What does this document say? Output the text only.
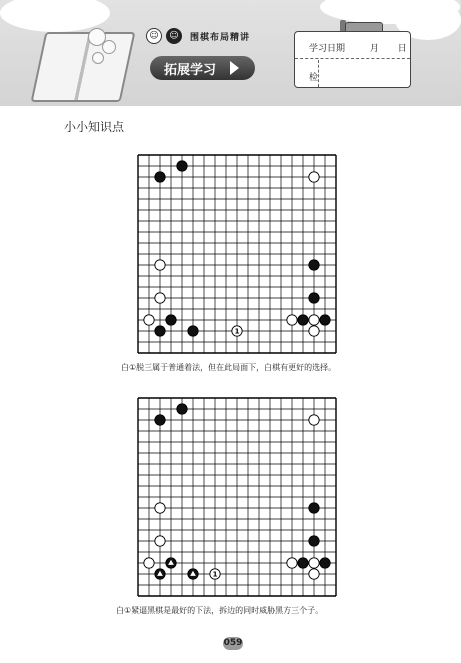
☺	☺	围棋布局精讲
拓展学习
学习日期	月 日
检
小小知识点
1
白①脱三属于普通着法，但在此局面下，白棋有更好的选择。
1
白①紧逼黑棋是最好的下法，拆边的同时威胁黑方三个子。
059
